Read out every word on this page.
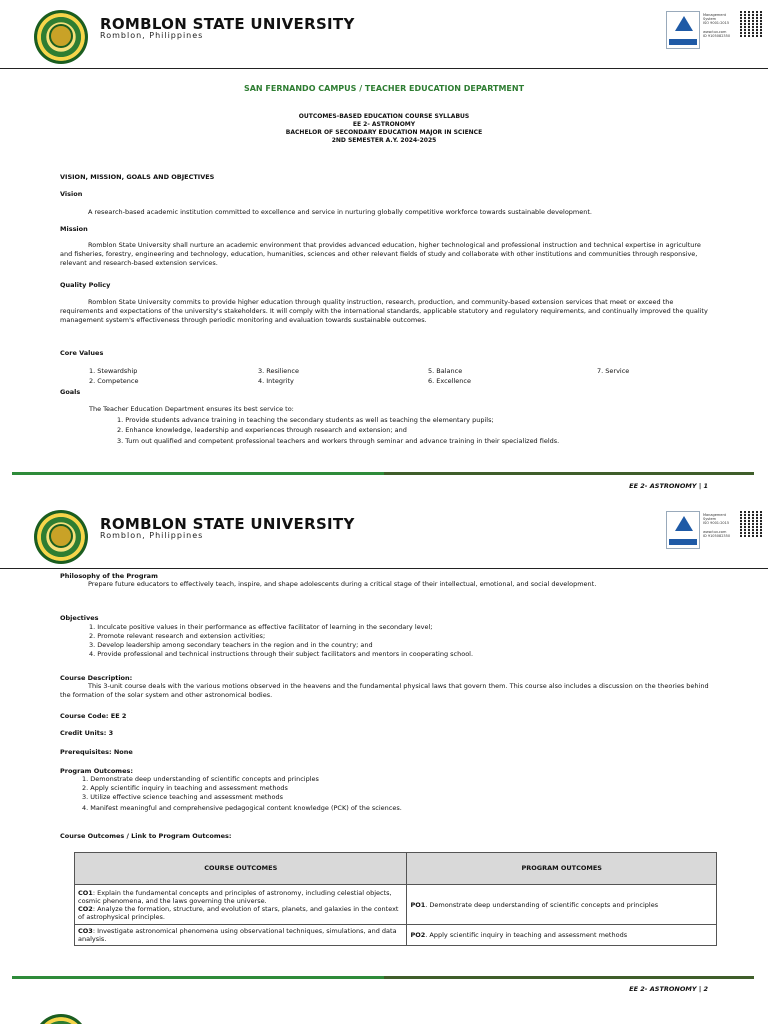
ROMBLON STATE UNIVERSITY
Romblon, Philippines
Management
System
ISO 9001:2015

www.tuv.com
ID 9105082350
SAN FERNANDO CAMPUS / TEACHER EDUCATION DEPARTMENT
OUTCOMES-BASED EDUCATION COURSE SYLLABUS
EE 2- ASTRONOMY
BACHELOR OF SECONDARY EDUCATION MAJOR IN SCIENCE
2ND SEMESTER A.Y. 2024-2025
VISION, MISSION, GOALS AND OBJECTIVES
Vision
A research-based academic institution committed to excellence and service in nurturing globally competitive workforce towards sustainable development.
Mission
Romblon State University shall nurture an academic environment that provides advanced education, higher technological and professional instruction and technical expertise in agriculture and fisheries, forestry, engineering and technology, education, humanities, sciences and other relevant fields of study and collaborate with other institutions and communities through responsive, relevant and research-based extension services.
Quality Policy
Romblon State University commits to provide higher education through quality instruction, research, production, and community-based extension services that meet or exceed the requirements and expectations of the university's stakeholders. It will comply with the international standards, applicable statutory and regulatory requirements, and continually improved the quality management system's effectiveness through periodic monitoring and evaluation towards sustainable outcomes.
Core Values
1. Stewardship
2. Competence
3. Resilience
4. Integrity
5. Balance
6. Excellence
7. Service
Goals
The Teacher Education Department ensures its best service to:
1. Provide students advance training in teaching the secondary students as well as teaching the elementary pupils;
2. Enhance knowledge, leadership and experiences through research and extension; and
3. Turn out qualified and competent professional teachers and workers through seminar and advance training in their specialized fields.
EE 2- ASTRONOMY | 1
ROMBLON STATE UNIVERSITY
Romblon, Philippines
Management
System
ISO 9001:2015

www.tuv.com
ID 9105082350
Philosophy of the Program
Prepare future educators to effectively teach, inspire, and shape adolescents during a critical stage of their intellectual, emotional, and social development.
Objectives
1. Inculcate positive values in their performance as effective facilitator of learning in the secondary level;
2. Promote relevant research and extension activities;
3. Develop leadership among secondary teachers in the region and in the country; and
4. Provide professional and technical instructions through their subject facilitators and mentors in cooperating school.
Course Description:
This 3-unit course deals with the various motions observed in the heavens and the fundamental physical laws that govern them. This course also includes a discussion on the theories behind the formation of the solar system and other astronomical bodies.
Course Code: EE 2
Credit Units: 3
Prerequisites: None
Program Outcomes:
1. Demonstrate deep understanding of scientific concepts and principles
2. Apply scientific inquiry in teaching and assessment methods
3. Utilize effective science teaching and assessment methods
4. Manifest meaningful and comprehensive pedagogical content knowledge (PCK) of the sciences.
Course Outcomes / Link to Program Outcomes:
COURSE OUTCOMES	PROGRAM OUTCOMES

CO1: Explain the fundamental concepts and principles of astronomy, including celestial objects, cosmic phenomena, and the laws governing the universe.
CO2: Analyze the formation, structure, and evolution of stars, planets, and galaxies in the context of astrophysical principles.	PO1. Demonstrate deep understanding of scientific concepts and principles

CO3: Investigate astronomical phenomena using observational techniques, simulations, and data analysis.	PO2. Apply scientific inquiry in teaching and assessment methods
EE 2- ASTRONOMY | 2
